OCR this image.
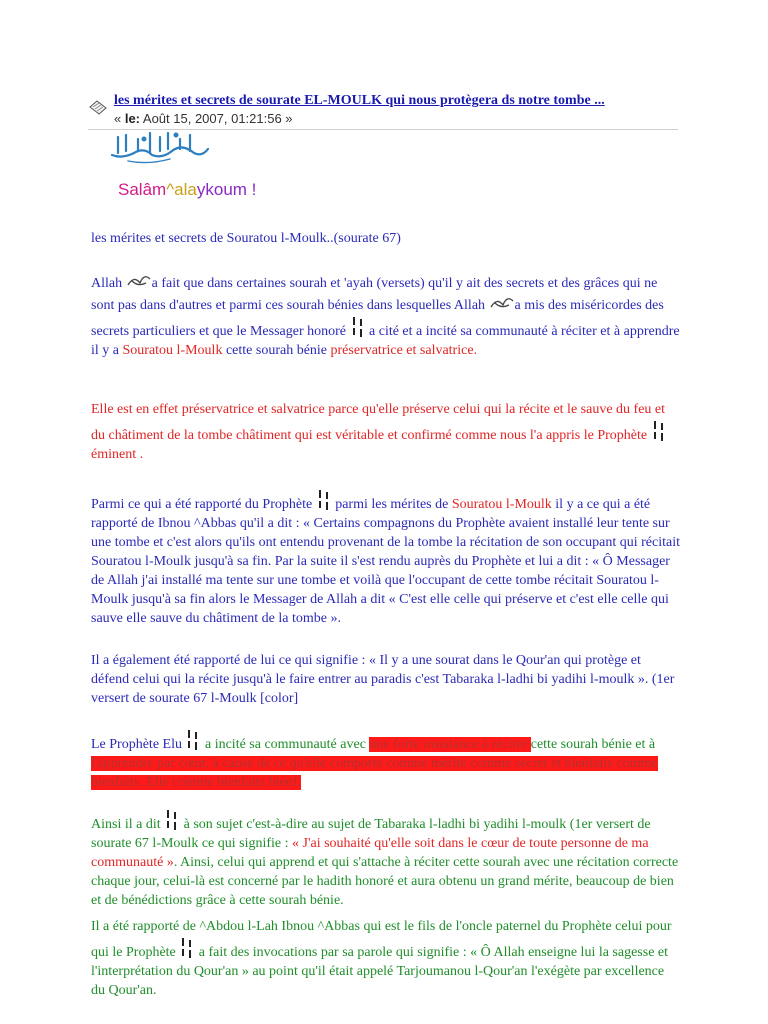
les mérites et secrets de sourate EL-MOULK qui nous protègera ds notre tombe ...
« le: Août 15, 2007, 01:21:56 »
Salâm^alaykoum !

les mérites et secrets de Souratou l-Moulk..(sourate 67)

Allah a fait que dans certaines sourah et 'ayah (versets) qu'il y ait des secrets et des grâces qui ne sont pas dans d'autres et parmi ces sourah bénies dans lesquelles Allah a mis des miséricordes des secrets particuliers et que le Messager honoré  a cité et a incité sa communauté à réciter et à apprendre il y a Souratou l-Moulk cette sourah bénie préservatrice et salvatrice.

Elle est en effet préservatrice et salvatrice parce qu'elle préserve celui qui la récite et le sauve du feu et du châtiment de la tombe châtiment qui est véritable et confirmé comme nous l'a appris le Prophète  éminent .

Parmi ce qui a été rapporté du Prophète  parmi les mérites de Souratou l-Moulk il y a ce qui a été rapporté de Ibnou ^Abbas qu'il a dit : « Certains compagnons du Prophète avaient installé leur tente sur une tombe et c'est alors qu'ils ont entendu provenant de la tombe la récitation de son occupant qui récitait Souratou l-Moulk jusqu'à sa fin. Par la suite il s'est rendu auprès du Prophète et lui a dit : « Ô Messager de Allah j'ai installé ma tente sur une tombe et voilà que l'occupant de cette tombe récitait Souratou l-Moulk jusqu'à sa fin alors le Messager de Allah a dit « C'est elle celle qui préserve et c'est elle celle qui sauve elle sauve du châtiment de la tombe ».

Il a également été rapporté de lui ce qui signifie : « Il y a une sourat dans le Qour'an qui protège et défend celui qui la récite jusqu'à le faire entrer au paradis c'est Tabaraka l-ladhi bi yadihi l-moulk ». (1er versert de sourate 67 l-Moulk [color]

Le Prophète Elu  a incité sa communauté avec une forte insistance à réciter cette sourah bénie et à l'apprendre par cœur, à cause de ce qu'elle comporte comme mérite comme secret et bienfaits comme bienfaits. Elle comme bienfaits bienf.

Ainsi il a dit  à son sujet c'est-à-dire au sujet de Tabaraka l-ladhi bi yadihi l-moulk (1er versert de sourate 67 l-Moulk ce qui signifie : « J'ai souhaité qu'elle soit dans le cœur de toute personne de ma communauté ». Ainsi, celui qui apprend et qui s'attache à réciter cette sourah avec une récitation correcte chaque jour, celui-là est concerné par le hadith honoré et aura obtenu un grand mérite, beaucoup de bien et de bénédictions grâce à cette sourah bénie.

Il a été rapporté de ^Abdou l-Lah Ibnou ^Abbas qui est le fils de l'oncle paternel du Prophète celui pour qui le Prophète  a fait des invocations par sa parole qui signifie : « Ô Allah enseigne lui la sagesse et l'interprétation du Qour'an » au point qu'il était appelé Tarjoumanou l-Qour'an l'exégète par excellence du Qour'an.
